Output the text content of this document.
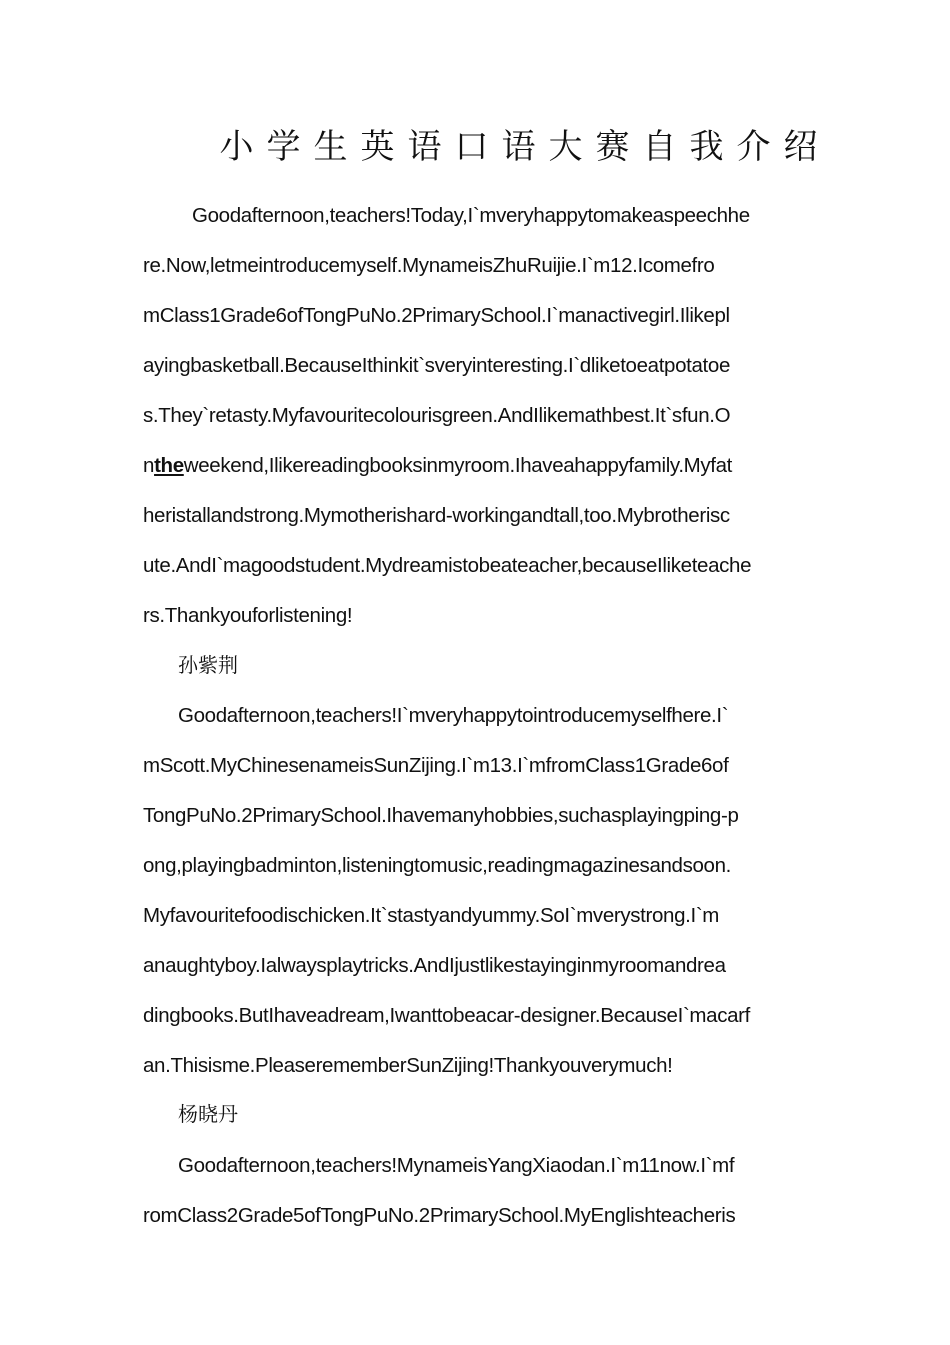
小学生英语口语大赛自我介绍
Goodafternoon,teachers!Today,I`mveryhappytomakeaspeechhe
re.Now,letmeintroducemyself.MynameisZhuRuijie.I`m12.Icomefro
mClass1Grade6ofTongPuNo.2PrimarySchool.I`manactivegirl.Ilikepl
ayingbasketball.BecauseIthinkit`sveryinteresting.I`dliketoeatpotatoe
s.They`retasty.Myfavouritecolourisgreen.AndIlikemathbest.It`sfun.O
ntheweekend,Ilikereadingbooksinmyroom.Ihaveahappyfamily.Myfat
heristallandstrong.Mymotherishard-workingandtall,too.Mybrotherisc
ute.AndI`magoodstudent.Mydreamistobeateacher,becauseIliketeache
rs.Thankyouforlistening!
孙紫荆
Goodafternoon,teachers!I`mveryhappytointroducemyselfhere.I`
mScott.MyChinesenameisSunZijing.I`m13.I`mfromClass1Grade6of
TongPuNo.2PrimarySchool.Ihavemanyhobbies,suchasplayingping-p
ong,playingbadminton,listeningtomusic,readingmagazinesandsoon.
Myfavouritefoodischicken.It`stastyandyummy.SoI`mverystrong.I`m
anaughtyboy.Ialwaysplaytricks.AndIjustlikestayinginmyroomandrea
dingbooks.ButIhaveadream,Iwanttobeacar-designer.BecauseI`macarf
an.Thisisme.PleaserememberSunZijing!Thankyouverymuch!
杨晓丹
Goodafternoon,teachers!MynameisYangXiaodan.I`m11now.I`mf
romClass2Grade5ofTongPuNo.2PrimarySchool.MyEnglishteacheris
